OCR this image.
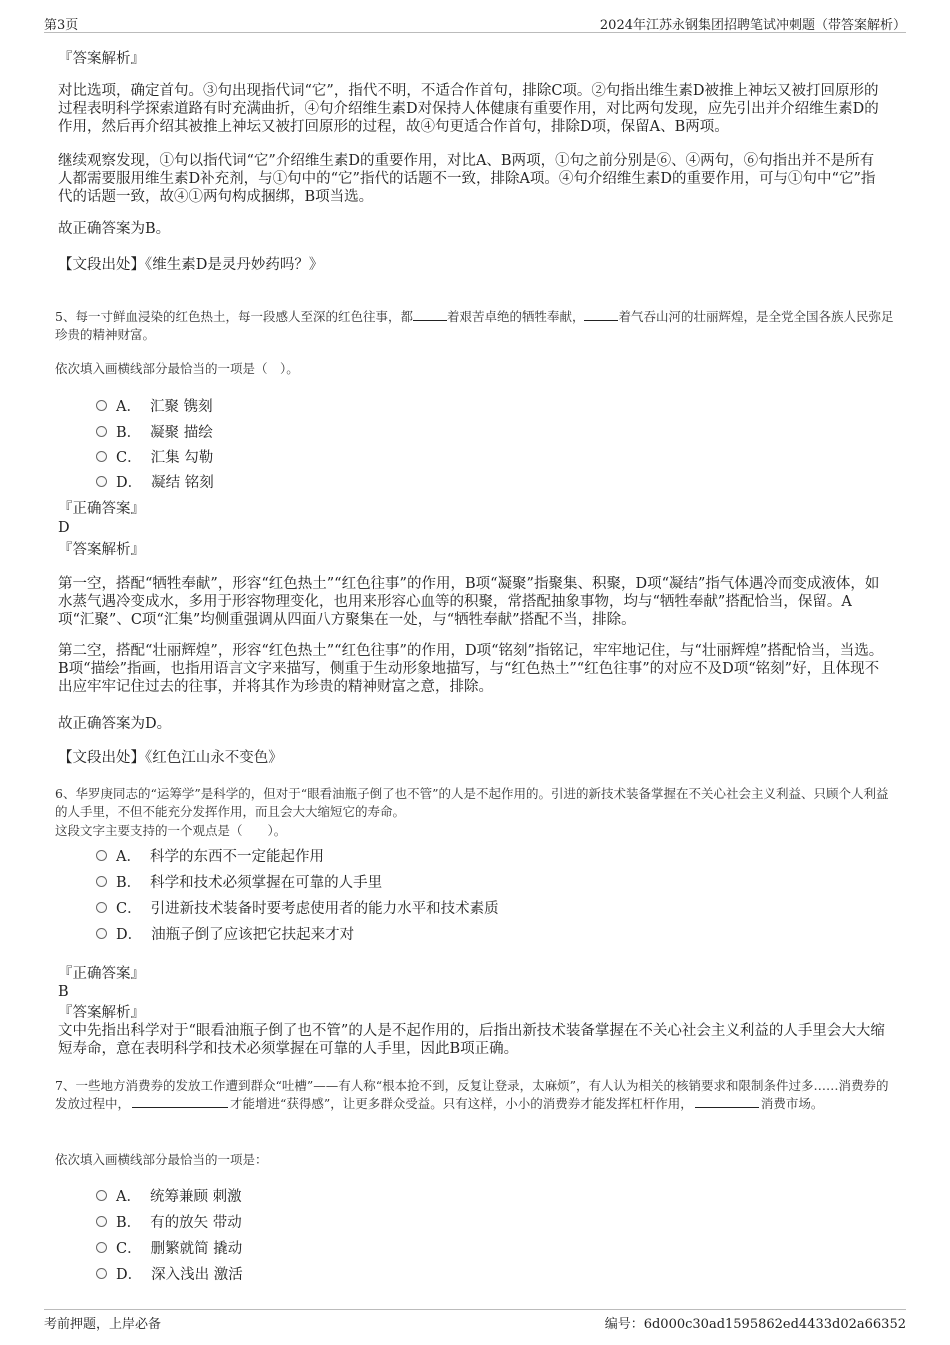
第3页	2024年江苏永钢集团招聘笔试冲刺题（带答案解析）
『答案解析』
对比选项，确定首句。③句出现指代词“它”，指代不明，不适合作首句，排除C项。②句指出维生素D被推上神坛又被打回原形的过程表明科学探索道路有时充满曲折，④句介绍维生素D对保持人体健康有重要作用，对比两句发现，应先引出并介绍维生素D的作用，然后再介绍其被推上神坛又被打回原形的过程，故④句更适合作首句，排除D项，保留A、B两项。
继续观察发现，①句以指代词“它”介绍维生素D的重要作用，对比A、B两项，①句之前分别是⑥、④两句，⑥句指出并不是所有人都需要服用维生素D补充剂，与①句中的“它”指代的话题不一致，排除A项。④句介绍维生素D的重要作用，可与①句中“它”指代的话题一致，故④①两句构成捆绑，B项当选。
故正确答案为B。
【文段出处】《维生素D是灵丹妙药吗？》
5、每一寸鲜血浸染的红色热土，每一段感人至深的红色往事，都	着艰苦卓绝的牺牲奉献，	着气吞山河的壮丽辉煌，是全党全国各族人民弥足珍贵的精神财富。
依次填入画横线部分最恰当的一项是（　）。
A． 汇聚 镌刻
B． 凝聚 描绘
C． 汇集 勾勒
D． 凝结 铭刻
『正确答案』
D
『答案解析』
第一空，搭配“牺牲奉献”，形容“红色热土”“红色往事”的作用，B项“凝聚”指聚集、积聚，D项“凝结”指气体遇冷而变成液体，如水蒸气遇冷变成水，多用于形容物理变化，也用来形容心血等的积聚，常搭配抽象事物，均与“牺牲奉献”搭配恰当，保留。A项“汇聚”、C项“汇集”均侧重强调从四面八方聚集在一处，与“牺牲奉献”搭配不当，排除。
第二空，搭配“壮丽辉煌”，形容“红色热土”“红色往事”的作用，D项“铭刻”指铭记，牢牢地记住，与“壮丽辉煌”搭配恰当，当选。B项“描绘”指画，也指用语言文字来描写，侧重于生动形象地描写，与“红色热土”“红色往事”的对应不及D项“铭刻”好，且体现不出应牢牢记住过去的往事，并将其作为珍贵的精神财富之意，排除。
故正确答案为D。
【文段出处】《红色江山永不变色》
6、华罗庚同志的“运筹学”是科学的，但对于“眼看油瓶子倒了也不管”的人是不起作用的。引进的新技术装备掌握在不关心社会主义利益、只顾个人利益的人手里，不但不能充分发挥作用，而且会大大缩短它的寿命。
这段文字主要支持的一个观点是（　　）。
A． 科学的东西不一定能起作用
B． 科学和技术必须掌握在可靠的人手里
C． 引进新技术装备时要考虑使用者的能力水平和技术素质
D． 油瓶子倒了应该把它扶起来才对
『正确答案』
B
『答案解析』
文中先指出科学对于“眼看油瓶子倒了也不管”的人是不起作用的，后指出新技术装备掌握在不关心社会主义利益的人手里会大大缩短寿命，意在表明科学和技术必须掌握在可靠的人手里，因此B项正确。
7、一些地方消费券的发放工作遭到群众“吐槽”——有人称“根本抢不到，反复让登录，太麻烦”，有人认为相关的核销要求和限制条件过多……消费券的发放过程中，	才能增进“获得感”，让更多群众受益。只有这样，小小的消费券才能发挥杠杆作用，	消费市场。
依次填入画横线部分最恰当的一项是：
A． 统筹兼顾 刺激
B． 有的放矢 带动
C． 删繁就简 撬动
D． 深入浅出 激活
考前押题，上岸必备	编号：6d000c30ad1595862ed4433d02a66352
